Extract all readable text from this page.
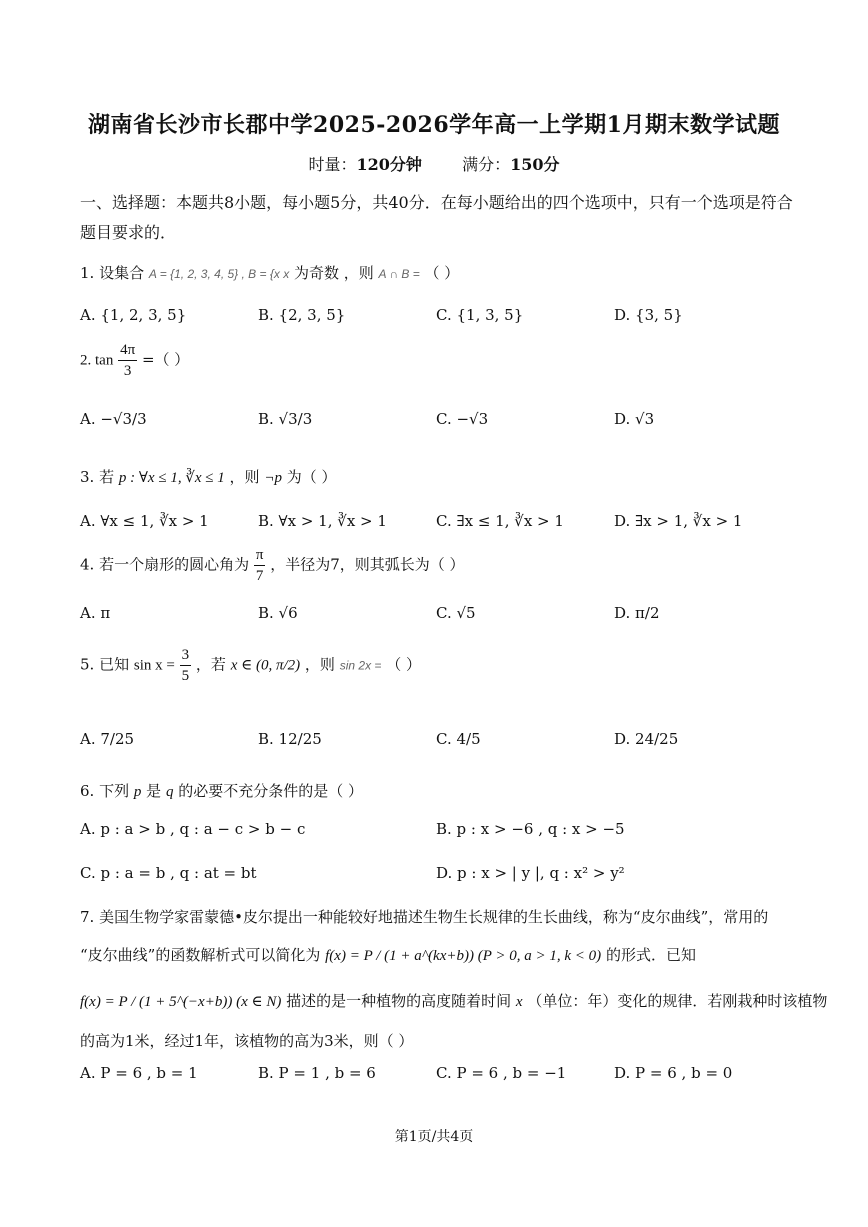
湖南省长沙市长郡中学2025-2026学年高一上学期1月期末数学试题
时量：120分钟	满分：150分
一、选择题：本题共8小题，每小题5分，共40分．在每小题给出的四个选项中，只有一个选项是符合题目要求的．
1. 设集合 A = {1, 2, 3, 4, 5} , B = {x x 为奇数 ，则 A ∩ B = （ ）
A. {1, 2, 3, 5}	B. {2, 3, 5}	C. {1, 3, 5}	D. {3, 5}
2. $\tan \frac{4\pi}{3}$ =（ ）
A. −√3/3	B. √3/3	C. −√3	D. √3
3. 若 p : ∀x ≤ 1, ∛x ≤ 1 ，则 ¬p 为（ ）
A. ∀x ≤ 1, ∛x > 1	B. ∀x > 1, ∛x > 1	C. ∃x ≤ 1, ∛x > 1	D. ∃x > 1, ∛x > 1
4. 若一个扇形的圆心角为 $\frac{\pi}{7}$ ，半径为7，则其弧长为（ ）
A. π	B. √6	C. √5	D. π/2
5. 已知 $\sin x = \frac{3}{5}$ ，若 x ∈ (0, π/2) ，则 sin 2x = （ ）
A. 7/25	B. 12/25	C. 4/5	D. 24/25
6. 下列 p 是 q 的必要不充分条件的是（ ）
A. p : a > b , q : a − c > b − c	B. p : x > −6 , q : x > −5
C. p : a = b , q : at = bt	D. p : x > | y |, q : x² > y²
7. 美国生物学家雷蒙德•皮尔提出一种能较好地描述生物生长规律的生长曲线，称为“皮尔曲线”，常用的
“皮尔曲线”的函数解析式可以简化为 f(x) = P / (1 + a^(kx+b)) (P > 0, a > 1, k < 0) 的形式．已知
f(x) = P / (1 + 5^(−x+b)) (x ∈ N) 描述的是一种植物的高度随着时间 x （单位：年）变化的规律．若刚栽种时该植物
的高为1米，经过1年，该植物的高为3米，则（ ）
A. P = 6 , b = 1	B. P = 1 , b = 6	C. P = 6 , b = −1	D. P = 6 , b = 0
第1页/共4页
